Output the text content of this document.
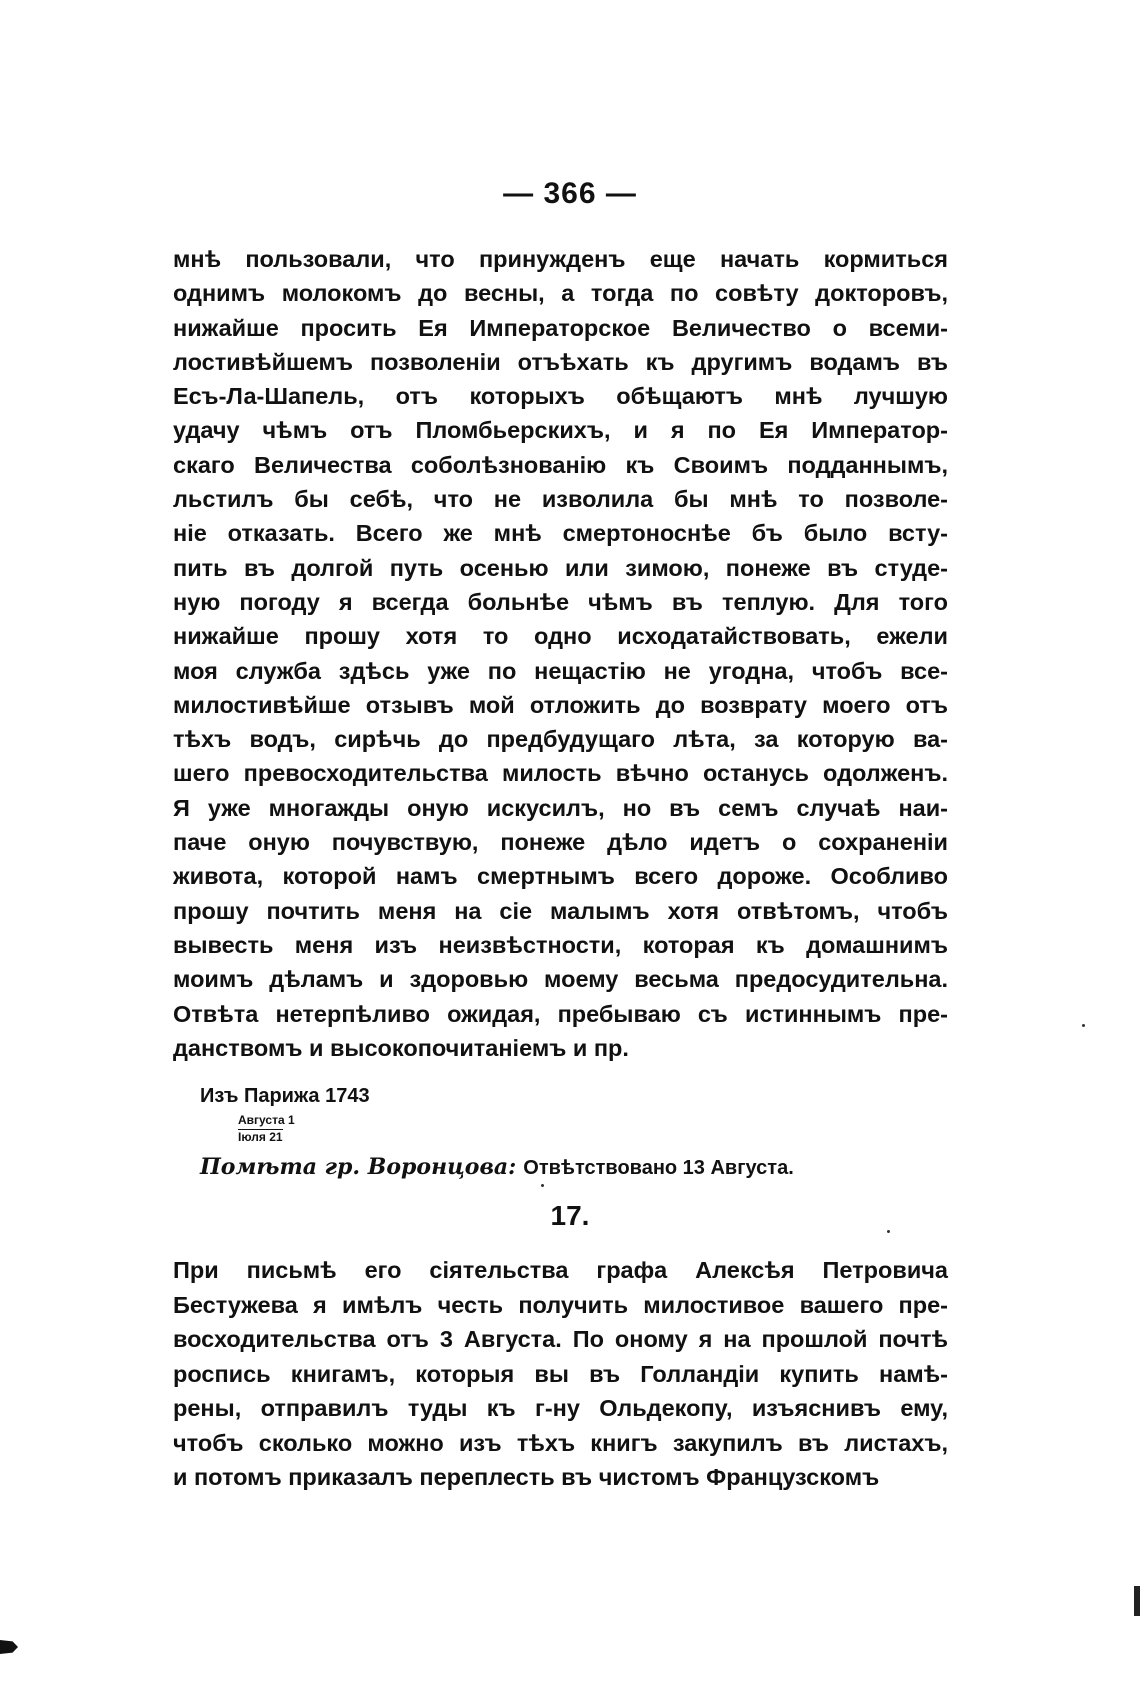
— 366 —
мнѣ пользовали, что принужденъ еще начать кормиться
однимъ молокомъ до весны, а тогда по совѣту докторовъ,
нижайше просить Ея Императорское Величество о всеми-
лостивѣйшемъ позволеніи отъѣхать къ другимъ водамъ въ
Есъ-Ла-Шапель, отъ которыхъ обѣщаютъ мнѣ лучшую
удачу чѣмъ отъ Пломбьерскихъ, и я по Ея Император-
скаго Величества соболѣзнованію къ Своимъ подданнымъ,
льстилъ бы себѣ, что не изволила бы мнѣ то позволе-
ніе отказать. Всего же мнѣ смертоноснѣе бъ было всту-
пить въ долгой путь осенью или зимою, понеже въ студе-
ную погоду я всегда больнѣе чѣмъ въ теплую. Для того
нижайше прошу хотя то одно исходатайствовать, ежели
моя служба здѣсь уже по нещастію не угодна, чтобъ все-
милостивѣйше отзывъ мой отложить до возврату моего отъ
тѣхъ водъ, сирѣчь до предбудущаго лѣта, за которую ва-
шего превосходительства милость вѣчно останусь одолженъ.
Я уже многажды оную искусилъ, но въ семъ случаѣ наи-
паче оную почувствую, понеже дѣло идетъ о сохраненіи
живота, которой намъ смертнымъ всего дороже. Особливо
прошу почтить меня на сіе малымъ хотя отвѣтомъ, чтобъ
вывесть меня изъ неизвѣстности, которая къ домашнимъ
моимъ дѣламъ и здоровью моему весьма предосудительна.
Отвѣта нетерпѣливо ожидая, пребываю съ истиннымъ пре-
данствомъ и высокопочитаніемъ и пр.
Изъ Парижа 1743
Августа 1
Іюля 21
Помѣта гр. Воронцова: Отвѣтствовано 13 Августа.
17.
При письмѣ его сіятельства графа Алексѣя Петровича
Бестужева я имѣлъ честь получить милостивое вашего пре-
восходительства отъ 3 Августа. По оному я на прошлой почтѣ
роспись книгамъ, которыя вы въ Голландіи купить намѣ-
рены, отправилъ туды къ г-ну Ольдекопу, изъяснивъ ему,
чтобъ сколько можно изъ тѣхъ книгъ закупилъ въ листахъ,
и потомъ приказалъ переплесть въ чистомъ Французскомъ
